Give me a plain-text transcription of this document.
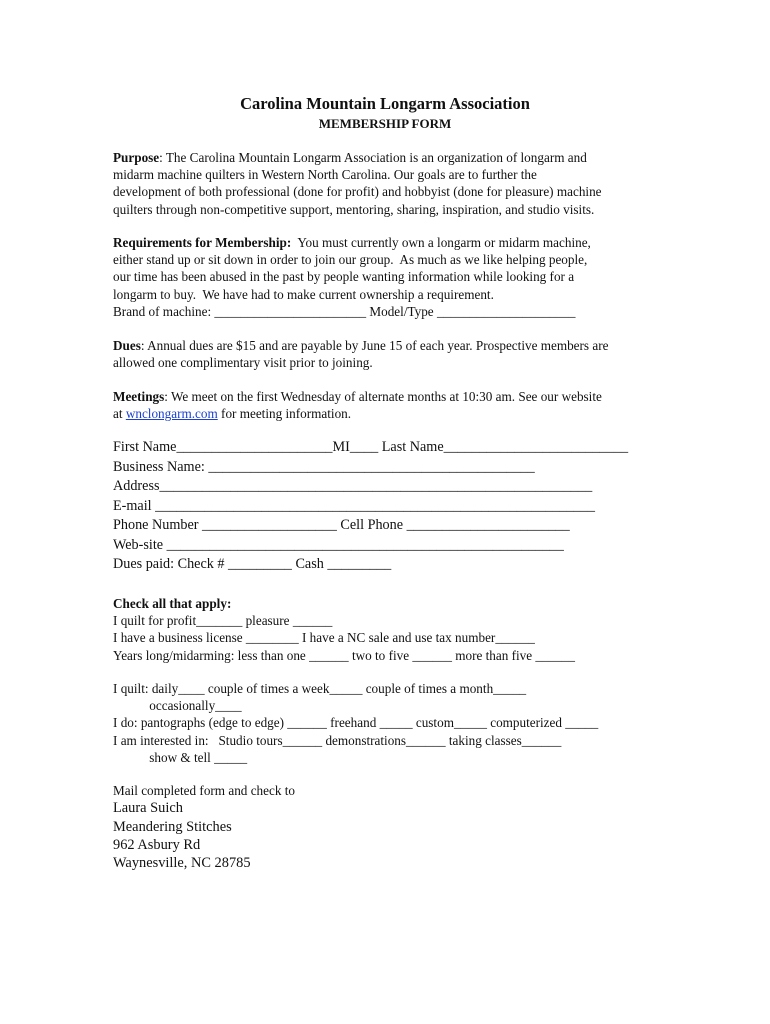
Carolina Mountain Longarm Association
MEMBERSHIP FORM
Purpose: The Carolina Mountain Longarm Association is an organization of longarm and
midarm machine quilters in Western North Carolina. Our goals are to further the
development of both professional (done for profit) and hobbyist (done for pleasure) machine
quilters through non-competitive support, mentoring, sharing, inspiration, and studio visits.
Requirements for Membership:  You must currently own a longarm or midarm machine,
either stand up or sit down in order to join our group.  As much as we like helping people,
our time has been abused in the past by people wanting information while looking for a
longarm to buy.  We have had to make current ownership a requirement.
Brand of machine: _______________________ Model/Type _____________________
Dues: Annual dues are $15 and are payable by June 15 of each year. Prospective members are
allowed one complimentary visit prior to joining.
Meetings: We meet on the first Wednesday of alternate months at 10:30 am. See our website
at wnclongarm.com for meeting information.
First Name______________________MI____ Last Name__________________________
Business Name: ______________________________________________
Address_____________________________________________________________
E-mail ______________________________________________________________
Phone Number ___________________ Cell Phone _______________________
Web-site ________________________________________________________
Dues paid: Check # _________ Cash _________
Check all that apply:
I quilt for profit_______ pleasure ______
I have a business license ________ I have a NC sale and use tax number______
Years long/midarming: less than one ______ two to five ______ more than five ______
I quilt: daily____ couple of times a week_____ couple of times a month_____
occasionally____
I do: pantographs (edge to edge) ______ freehand _____ custom_____ computerized _____
I am interested in:   Studio tours______ demonstrations______ taking classes______
show & tell _____
Mail completed form and check to
Laura Suich
Meandering Stitches
962 Asbury Rd
Waynesville, NC 28785
